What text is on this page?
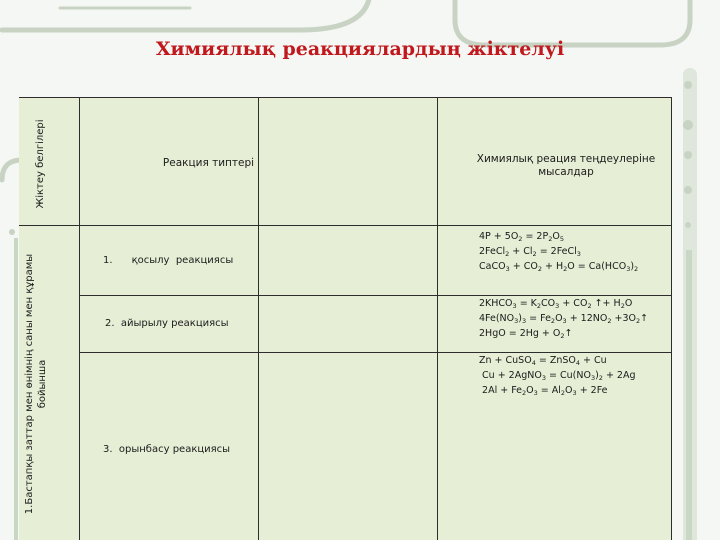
Химиялық реакциялардың жіктелуі
Жіктеу белгілері	Реакция типтері	Химиялық реация теңдеулеріне мысалдар
1.Бастапқы заттар мен өнімнің саны мен құрамы бойынша
1.      қосылу  реакциясы
2.  айырылу реакциясы
3.  орынбасу реакциясы
$4P + 5O_2 = 2P_2O_5$
2FeCl$_2$ + $Cl_2$ = 2FeCl$_3$
CaCO$_3$ + $CO_2 + H_2O = Ca(HCO_3)_2$
$2KHCO_3 = K_2CO_3 + CO_2$ ↑+ $H_2O$
$4Fe(NO_3)_3 = Fe_2O_3 + 12NO_2$ $+3O_2↑$
$2HgO = 2Hg + O_2↑$
Zn + CuSO$_4$ = ZnSO$_4$ + Cu
Cu + 2AgNO$_3$ = $Cu(NO_3)_2 + 2Ag$
$2Al + Fe_2O_3 = Al_2O_3 + 2Fe$
